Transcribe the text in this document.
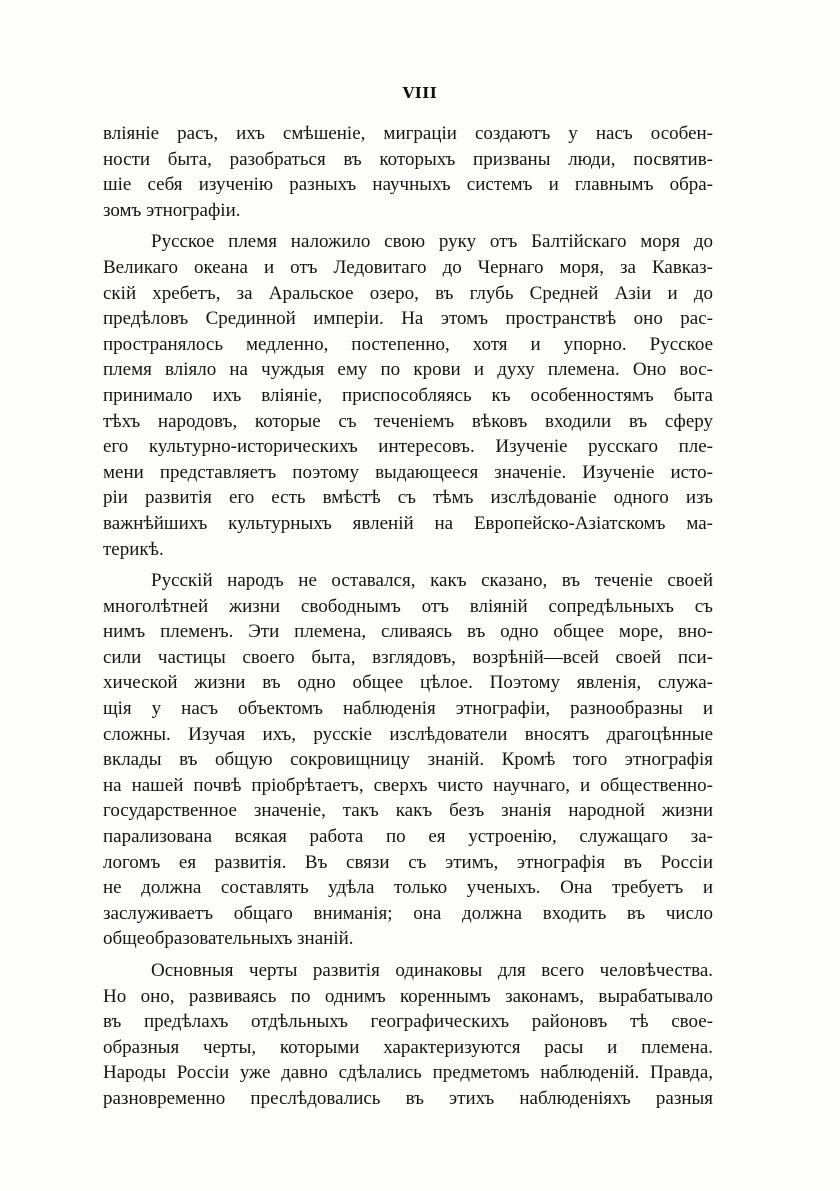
VIII
вліяніе расъ, ихъ смѣшеніе, миграціи создаютъ у насъ особен-
ности быта, разобраться въ которыхъ призваны люди, посвятив-
шіе себя изученію разныхъ научныхъ системъ и главнымъ обра-
зомъ этнографіи.
Русское племя наложило свою руку отъ Балтійскаго моря до
Великаго океана и отъ Ледовитаго до Чернаго моря, за Кавказ-
скій хребетъ, за Аральское озеро, въ глубь Средней Азіи и до
предѣловъ Срединной имперіи. На этомъ пространствѣ оно рас-
пространялось медленно, постепенно, хотя и упорно. Русское
племя вліяло на чуждыя ему по крови и духу племена. Оно вос-
принимало ихъ вліяніе, приспособляясь къ особенностямъ быта
тѣхъ народовъ, которые съ теченіемъ вѣковъ входили въ сферу
его культурно-историческихъ интересовъ. Изученіе русскаго пле-
мени представляетъ поэтому выдающееся значеніе. Изученіе исто-
ріи развитія его есть вмѣстѣ съ тѣмъ изслѣдованіе одного изъ
важнѣйшихъ культурныхъ явленій на Европейско-Азіатскомъ ма-
терикѣ.
Русскій народъ не оставался, какъ сказано, въ теченіе своей
многолѣтней жизни свободнымъ отъ вліяній сопредѣльныхъ съ
нимъ племенъ. Эти племена, сливаясь въ одно общее море, вно-
сили частицы своего быта, взглядовъ, возрѣній—всей своей пси-
хической жизни въ одно общее цѣлое. Поэтому явленія, служа-
щія у насъ объектомъ наблюденія этнографіи, разнообразны и
сложны. Изучая ихъ, русскіе изслѣдователи вносятъ драгоцѣнные
вклады въ общую сокровищницу знаній. Кромѣ того этнографія
на нашей почвѣ пріобрѣтаетъ, сверхъ чисто научнаго, и общественно-
государственное значеніе, такъ какъ безъ знанія народной жизни
парализована всякая работа по ея устроенію, служащаго за-
логомъ ея развитія. Въ связи съ этимъ, этнографія въ Россіи
не должна составлять удѣла только ученыхъ. Она требуетъ и
заслуживаетъ общаго вниманія; она должна входить въ число
общеобразовательныхъ знаній.
Основныя черты развитія одинаковы для всего человѣчества.
Но оно, развиваясь по однимъ кореннымъ законамъ, вырабатывало
въ предѣлахъ отдѣльныхъ географическихъ районовъ тѣ свое-
образныя черты, которыми характеризуются расы и племена.
Народы Россіи уже давно сдѣлались предметомъ наблюденій. Правда,
разновременно преслѣдовались въ этихъ наблюденіяхъ разныя
